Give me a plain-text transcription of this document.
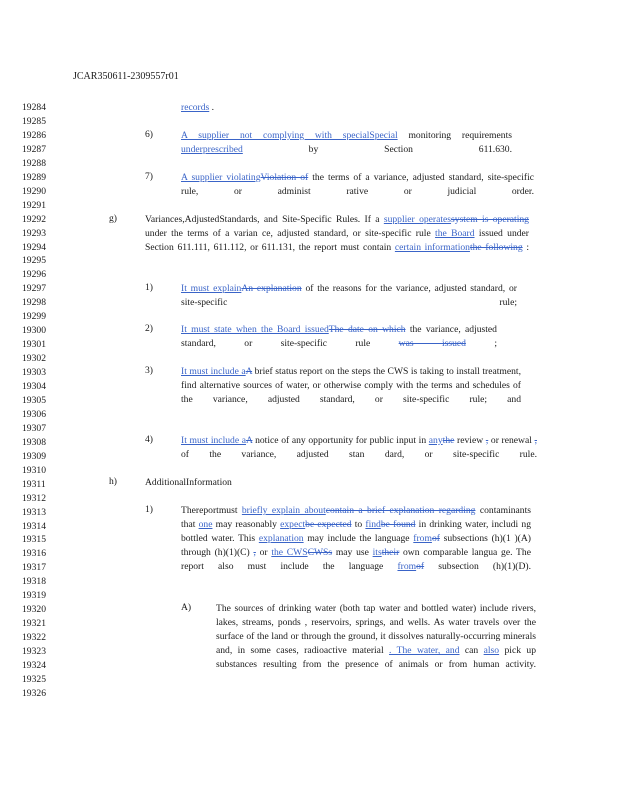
JCAR350611-2309557r01
19284
19285
19286
19287
19288
19289
19290
19291
19292
19293
19294
19295
19296
19297
19298
19299
19300
19301
19302
19303
19304
19305
19306
19307
19308
19309
19310
19311
19312
19313
19314
19315
19316
19317
19318
19319
19320
19321
19322
19323
19324
19325
19326
records .
6)	A supplier not complying with specialSpecial monitoring requirements underprescribed by Section 611.630.
7)	A supplier violatingViolation of the terms of a variance, adjusted standard, site-specific rule, or administ rative or judicial order.
g)	Variances,AdjustedStandards, and Site-Specific Rules. If a supplier operatessystem is operating under the terms of a varian ce, adjusted standard, or site-specific rule the Board issued under Section 611.111, 611.112, or 611.131, the report must contain certain informationthe following :
1)	It must explainAn explanation of the reasons for the variance, adjusted standard, or site-specific rule;
2)	It must state when the Board issuedThe date on which the variance, adjusted standard, or site-specific rule was issued ;
3)	It must include aA brief status report on the steps the CWS is taking to install treatment, find alternative sources of water, or otherwise comply with the terms and schedules of the variance, adjusted standard, or site-specific rule; and
4)	It must include aA notice of any opportunity for public input in anythe review , or renewal , of the variance, adjusted stan dard, or site-specific rule.
h)	AdditionalInformation
1)	Thereportmust briefly explain aboutcontain a brief explanation regarding contaminants that one may reasonably expectbe expected to findbe found in drinking water, includi ng bottled water. This explanation may include the language fromof subsections (h)(1 )(A) through (h)(1)(C) , or the CWSCWSs may use itstheir own comparable langua ge. The report also must include the language fromof subsection (h)(1)(D).
A)	The sources of drinking water (both tap water and bottled water) include rivers, lakes, streams, ponds , reservoirs, springs, and wells. As water travels over the surface of the land or through the ground, it dissolves naturally-occurring minerals and, in some cases, radioactive material . The water, and can also pick up substances resulting from the presence of animals or from human activity.
